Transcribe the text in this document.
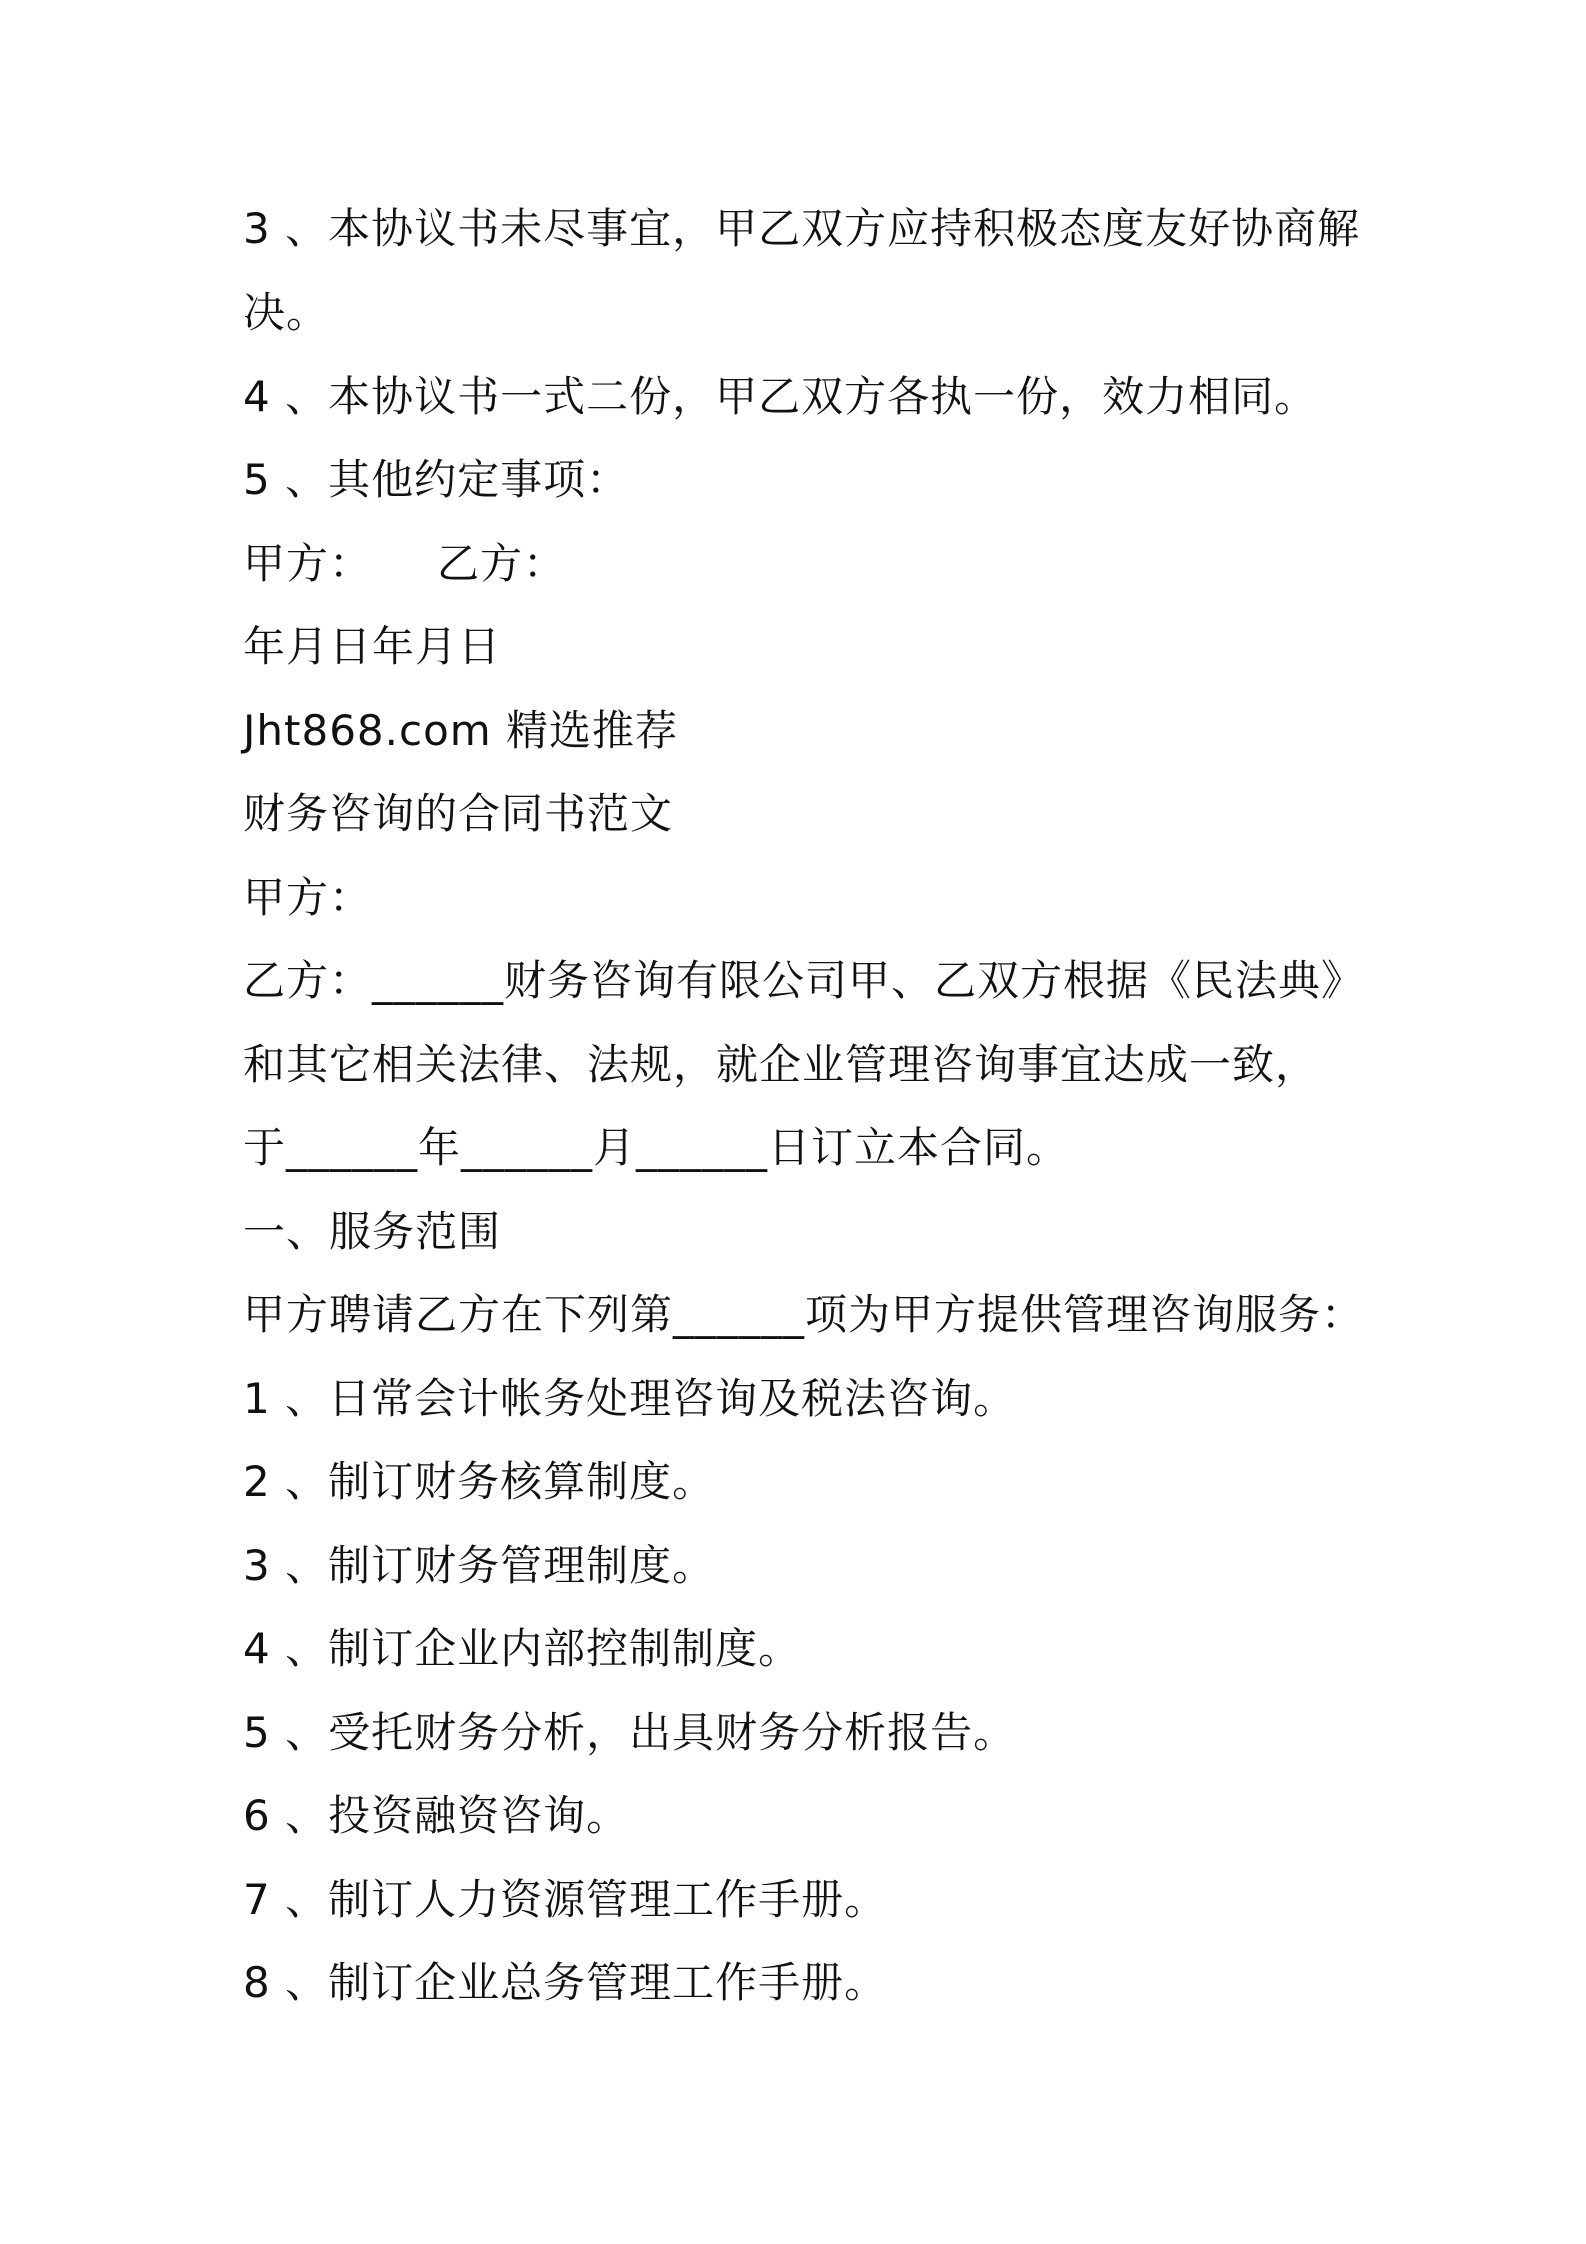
3 、本协议书未尽事宜，甲乙双方应持积极态度友好协商解
决。
4 、本协议书一式二份，甲乙双方各执一份，效力相同。
5 、其他约定事项：
甲方：　　乙方：
年月日年月日
Jht868.com 精选推荐
财务咨询的合同书范文
甲方：
乙方：______财务咨询有限公司甲、乙双方根据《民法典》
和其它相关法律、法规，就企业管理咨询事宜达成一致，
于______年______月______日订立本合同。
一、服务范围
甲方聘请乙方在下列第______项为甲方提供管理咨询服务：
1 、日常会计帐务处理咨询及税法咨询。
2 、制订财务核算制度。
3 、制订财务管理制度。
4 、制订企业内部控制制度。
5 、受托财务分析，出具财务分析报告。
6 、投资融资咨询。
7 、制订人力资源管理工作手册。
8 、制订企业总务管理工作手册。
